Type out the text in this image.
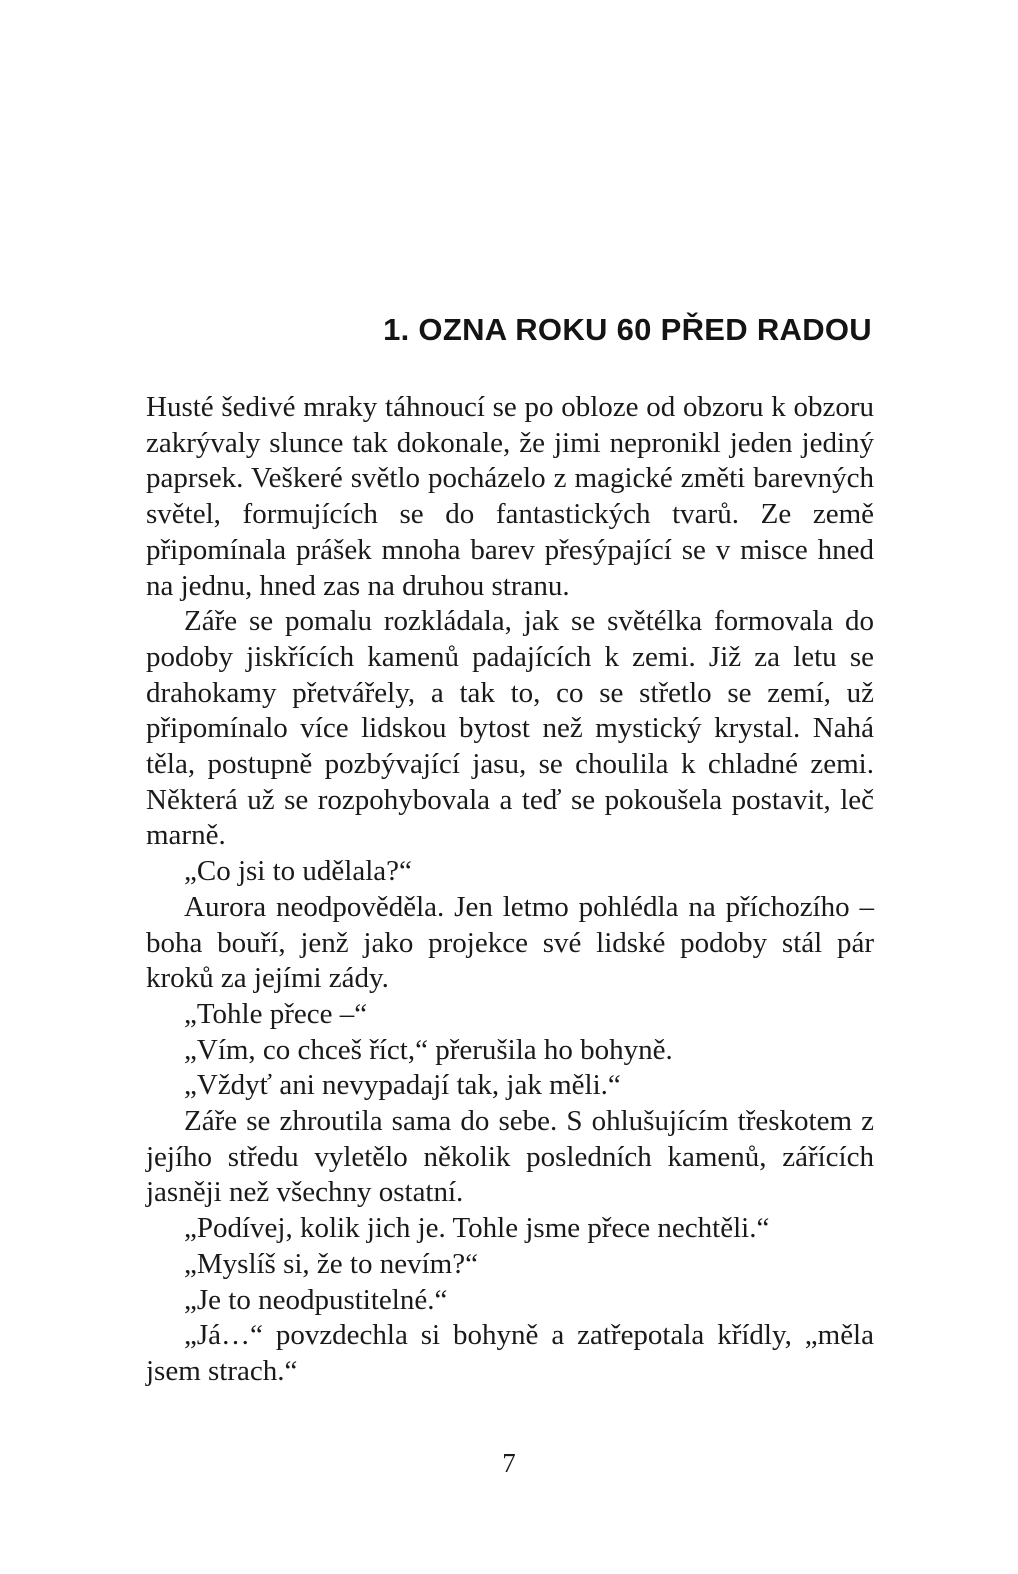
1. OZNA ROKU 60 PŘED RADOU

Husté šedivé mraky táhnoucí se po obloze od obzoru k obzoru zakrývaly slunce tak dokonale, že jimi nepronikl jeden jediný paprsek. Veškeré světlo pocházelo z magické změti barevných světel, formujících se do fantastických tvarů. Ze země připomínala prášek mnoha barev přesýpající se v misce hned na jednu, hned zas na druhou stranu.

Záře se pomalu rozkládala, jak se světélka formovala do podoby jiskřících kamenů padajících k zemi. Již za letu se drahokamy přetvářely, a tak to, co se střetlo se zemí, už připomínalo více lidskou bytost než mystický krystal. Nahá těla, postupně pozbývající jasu, se choulila k chladné zemi. Některá už se rozpohybovala a teď se pokoušela postavit, leč marně.

„Co jsi to udělala?“

Aurora neodpověděla. Jen letmo pohlédla na příchozího – boha bouří, jenž jako projekce své lidské podoby stál pár kroků za jejími zády.

„Tohle přece –“

„Vím, co chceš říct,“ přerušila ho bohyně.

„Vždyť ani nevypadají tak, jak měli.“

Záře se zhroutila sama do sebe. S ohlušujícím třeskotem z jejího středu vyletělo několik posledních kamenů, zářících jasněji než všechny ostatní.

„Podívej, kolik jich je. Tohle jsme přece nechtěli.“

„Myslíš si, že to nevím?“

„Je to neodpustitelné.“

„Já…“ povzdechla si bohyně a zatřepotala křídly, „měla jsem strach.“

7
